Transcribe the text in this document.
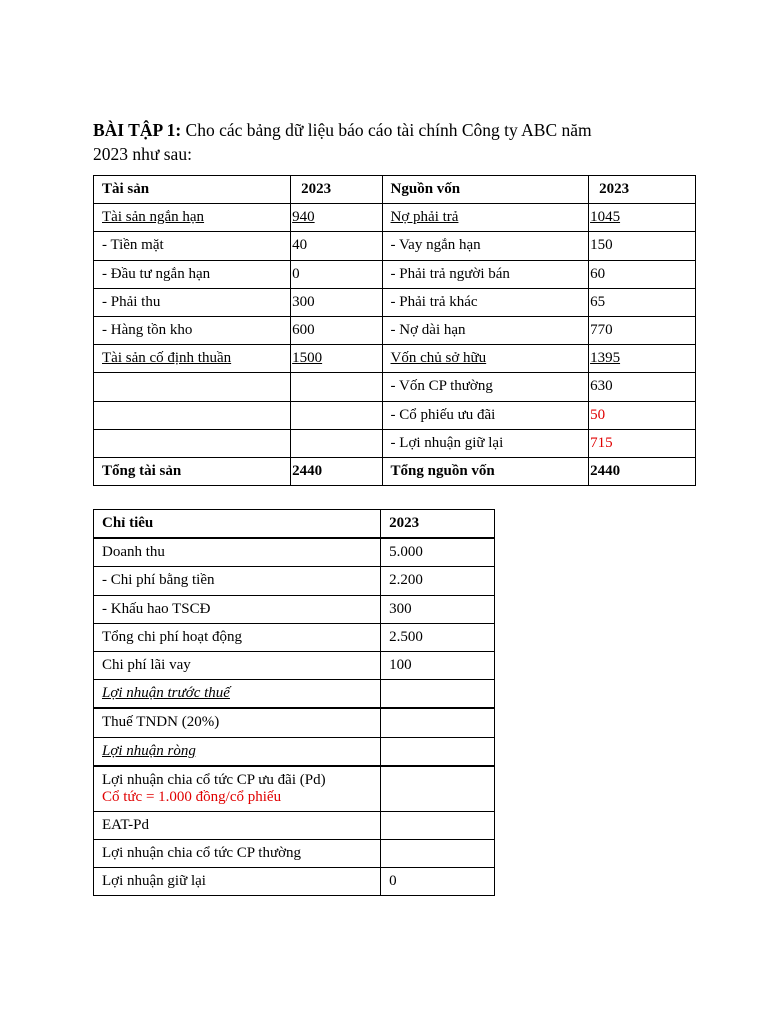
BÀI TẬP 1: Cho các bảng dữ liệu báo cáo tài chính Công ty ABC năm
2023 như sau:
Tài sản	2023	Nguồn vốn	2023
Tài sản ngắn hạn	940	Nợ phải trả	1045
- Tiền mặt	40	- Vay ngắn hạn	150
- Đầu tư ngắn hạn	0	- Phải trả người bán	60
- Phải thu	300	- Phải trả khác	65
- Hàng tồn kho	600	- Nợ dài hạn	770
Tài sản cố định thuần	1500	Vốn chủ sở hữu	1395
		- Vốn CP thường	630
		- Cổ phiếu ưu đãi	50
		- Lợi nhuận giữ lại	715
Tổng tài sản	2440	Tổng nguồn vốn	2440
Chỉ tiêu	2023
Doanh thu	5.000
- Chi phí bằng tiền	2.200
- Khấu hao TSCĐ	300
Tổng chi phí hoạt động	2.500
Chi phí lãi vay	100
Lợi nhuận trước thuế	
Thuế TNDN (20%)	
Lợi nhuận ròng	

Lợi nhuận chia cổ tức CP ưu đãi (Pd)
Cổ tức = 1.000 đồng/cổ phiếu	

EAT-Pd	
Lợi nhuận chia cổ tức CP thường	
Lợi nhuận giữ lại	0
